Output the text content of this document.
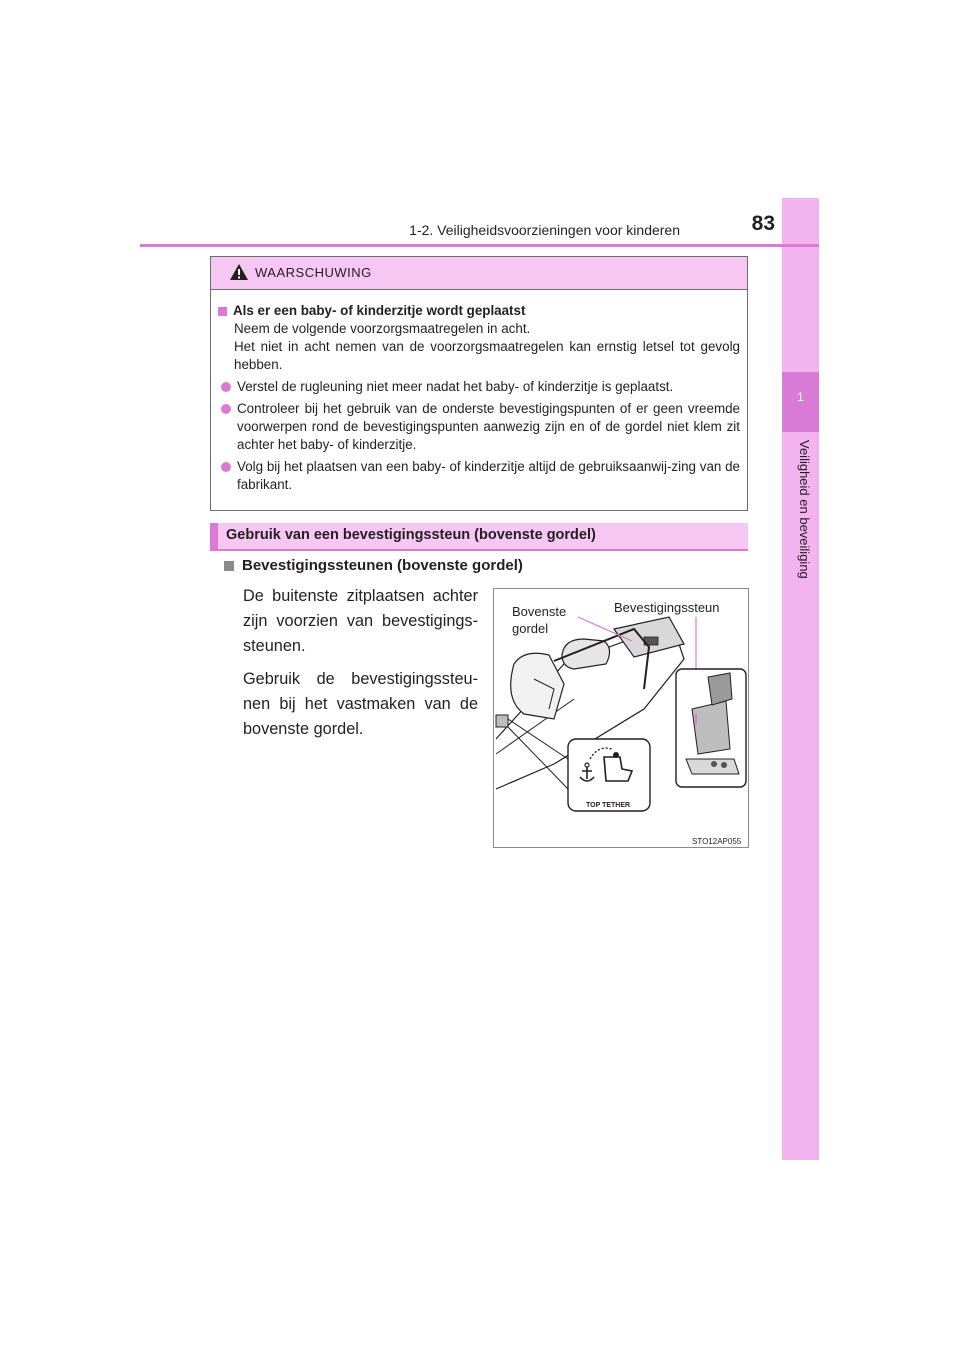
1
Veiligheid en beveiliging
1-2. Veiligheidsvoorzieningen voor kinderen	83
WAARSCHUWING
Als er een baby- of kinderzitje wordt geplaatst
Neem de volgende voorzorgsmaatregelen in acht.
Het niet in acht nemen van de voorzorgsmaatregelen kan ernstig letsel tot gevolg hebben.
Verstel de rugleuning niet meer nadat het baby- of kinderzitje is geplaatst.
Controleer bij het gebruik van de onderste bevestigingspunten of er geen vreemde voorwerpen rond de bevestigingspunten aanwezig zijn en of de gordel niet klem zit achter het baby- of kinderzitje.
Volg bij het plaatsen van een baby- of kinderzitje altijd de gebruiksaanwij-zing van de fabrikant.
Gebruik van een bevestigingssteun (bovenste gordel)
Bevestigingssteunen (bovenste gordel)

De buitenste zitplaatsen achter zijn voorzien van bevestigings-steunen.

Gebruik de bevestigingssteu-nen bij het vastmaken van de bovenste gordel.

Bovenste
gordel
Bevestigingssteun
TOP TETHER
STO12AP055
